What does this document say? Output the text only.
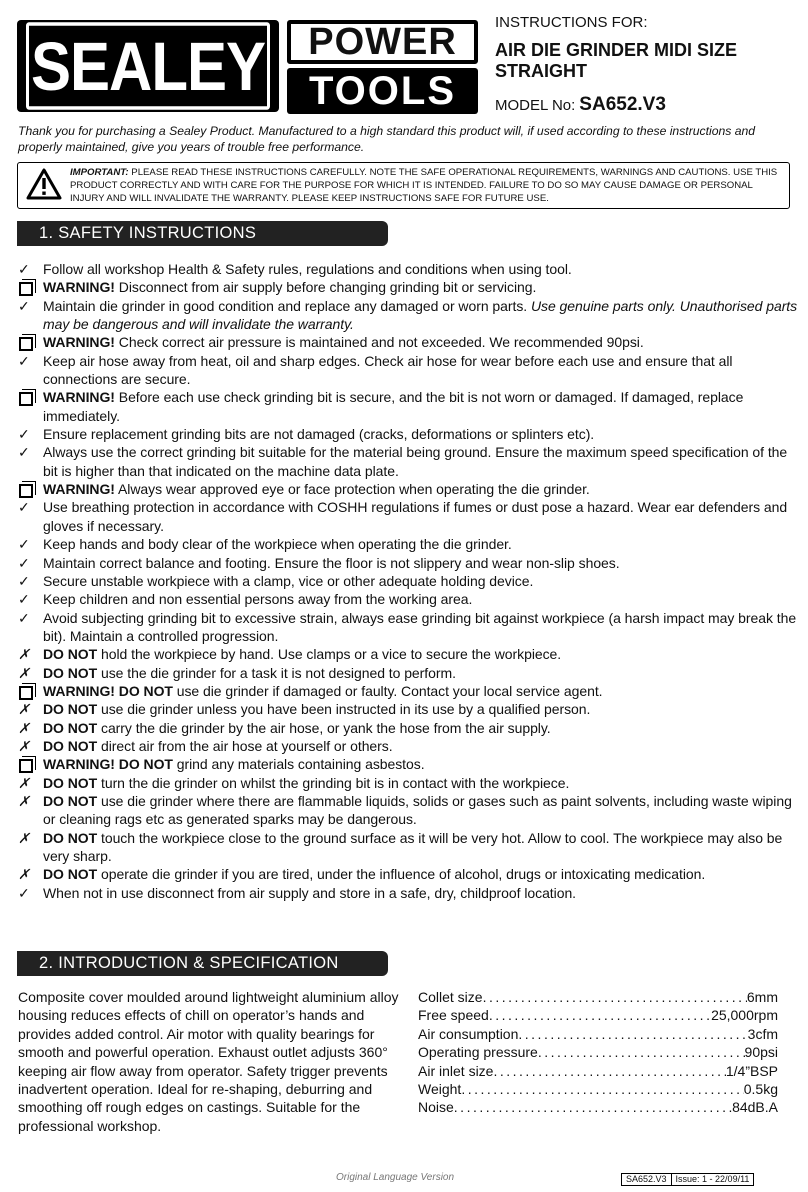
SEALEY	POWER
TOOLS
INSTRUCTIONS FOR:
AIR DIE GRINDER MIDI SIZE STRAIGHT
MODEL No: SA652.V3

Thank you for purchasing a Sealey Product. Manufactured to a high standard this product will, if used according to these instructions and properly maintained, give you years of trouble free performance.

IMPORTANT: PLEASE READ THESE INSTRUCTIONS CAREFULLY. NOTE THE SAFE OPERATIONAL REQUIREMENTS, WARNINGS AND CAUTIONS. USE THIS PRODUCT CORRECTLY AND WITH CARE FOR THE PURPOSE FOR WHICH IT IS INTENDED. FAILURE TO DO SO MAY CAUSE DAMAGE OR PERSONAL INJURY AND WILL INVALIDATE THE WARRANTY. PLEASE KEEP INSTRUCTIONS SAFE FOR FUTURE USE.
1. SAFETY INSTRUCTIONS
✓
Follow all workshop Health & Safety rules, regulations and conditions when using tool.
WARNING! Disconnect from air supply before changing grinding bit or servicing.
✓
Maintain die grinder in good condition and replace any damaged or worn parts. Use genuine parts only. Unauthorised parts may be dangerous and will invalidate the warranty.
WARNING! Check correct air pressure is maintained and not exceeded. We recommended 90psi.
✓
Keep air hose away from heat, oil and sharp edges. Check air hose for wear before each use and ensure that all connections are secure.
WARNING! Before each use check grinding bit is secure, and the bit is not worn or damaged. If damaged, replace immediately.
✓
Ensure replacement grinding bits are not damaged (cracks, deformations or splinters etc).
✓
Always use the correct grinding bit suitable for the material being ground. Ensure the maximum speed specification of the bit is higher than that indicated on the machine data plate.
WARNING! Always wear approved eye or face protection when operating the die grinder.
✓
Use breathing protection in accordance with COSHH regulations if fumes or dust pose a hazard. Wear ear defenders and gloves if necessary.
✓
Keep hands and body clear of the workpiece when operating the die grinder.
✓
Maintain correct balance and footing. Ensure the floor is not slippery and wear non-slip shoes.
✓
Secure unstable workpiece with a clamp, vice or other adequate holding device.
✓
Keep children and non essential persons away from the working area.
✓
Avoid subjecting grinding bit to excessive strain, always ease grinding bit against workpiece (a harsh impact may break the bit). Maintain a controlled progression.
✗
DO NOT hold the workpiece by hand. Use clamps or a vice to secure the workpiece.
✗
DO NOT use the die grinder for a task it is not designed to perform.
WARNING! DO NOT use die grinder if damaged or faulty. Contact your local service agent.
✗
DO NOT use die grinder unless you have been instructed in its use by a qualified person.
✗
DO NOT carry the die grinder by the air hose, or yank the hose from the air supply.
✗
DO NOT direct air from the air hose at yourself or others.
WARNING! DO NOT grind any materials containing asbestos.
✗
DO NOT turn the die grinder on whilst the grinding bit is in contact with the workpiece.
✗
DO NOT use die grinder where there are flammable liquids, solids or gases such as paint solvents, including waste wiping or cleaning rags etc as generated sparks may be dangerous.
✗
DO NOT touch the workpiece close to the ground surface as it will be very hot. Allow to cool. The workpiece may also be very sharp.
✗
DO NOT operate die grinder if you are tired, under the influence of alcohol, drugs or intoxicating medication.
✓
When not in use disconnect from air supply and store in a safe, dry, childproof location.
2. INTRODUCTION & SPECIFICATION

Composite cover moulded around lightweight aluminium alloy housing reduces effects of chill on operator’s hands and provides added control. Air motor with quality bearings for smooth and powerful operation. Exhaust outlet adjusts 360° keeping air flow away from operator. Safety trigger prevents inadvertent operation. Ideal for re-shaping, deburring and smoothing off rough edges on castings. Suitable for the professional workshop.

Collet size .....	6mm
Free speed .....	25,000rpm
Air consumption .....	3cfm
Operating pressure .....	90psi
Air inlet size .....	1/4”BSP
Weight .....	0.5kg
Noise .....	84dB.A
Original Language Version	SA652.V3	Issue: 1 - 22/09/11
